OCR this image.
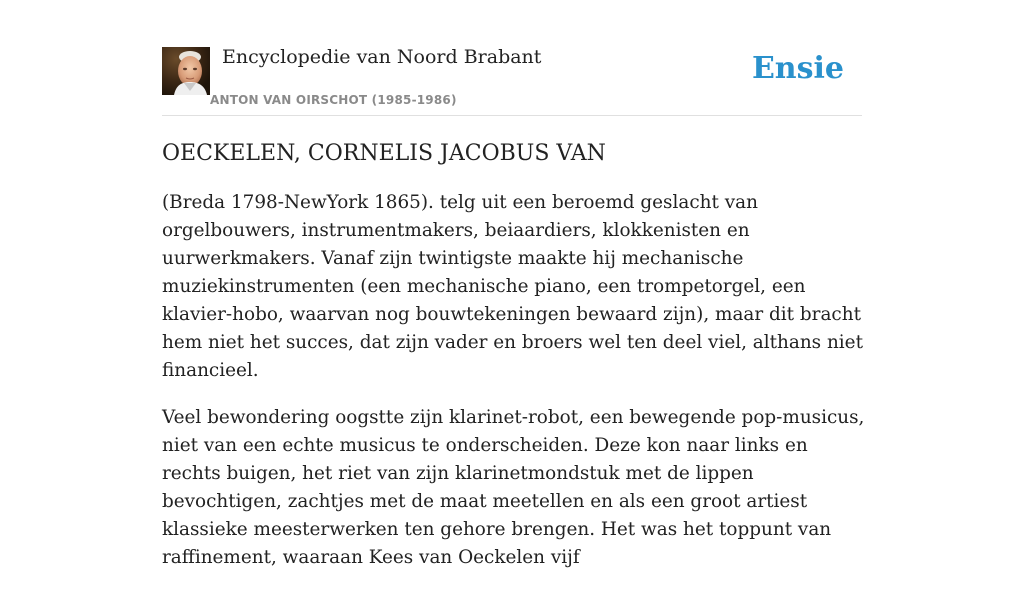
Encyclopedie van Noord Brabant
ANTON VAN OIRSCHOT (1985-1986)
Ensie
OECKELEN, CORNELIS JACOBUS VAN

(Breda 1798-NewYork 1865). telg uit een beroemd geslacht van orgelbouwers, instrumentmakers, beiaardiers, klokkenisten en uurwerkmakers. Vanaf zijn twintigste maakte hij mechanische muziekinstrumenten (een mechanische piano, een trompetorgel, een klavier-hobo, waarvan nog bouwtekeningen bewaard zijn), maar dit bracht hem niet het succes, dat zijn vader en broers wel ten deel viel, althans niet financieel.

Veel bewondering oogstte zijn klarinet-robot, een bewegende pop-musicus, niet van een echte musicus te onderscheiden. Deze kon naar links en rechts buigen, het riet van zijn klarinetmondstuk met de lippen bevochtigen, zachtjes met de maat meetellen en als een groot artiest klassieke meesterwerken ten gehore brengen. Het was het toppunt van raffinement, waaraan Kees van Oeckelen vijf
